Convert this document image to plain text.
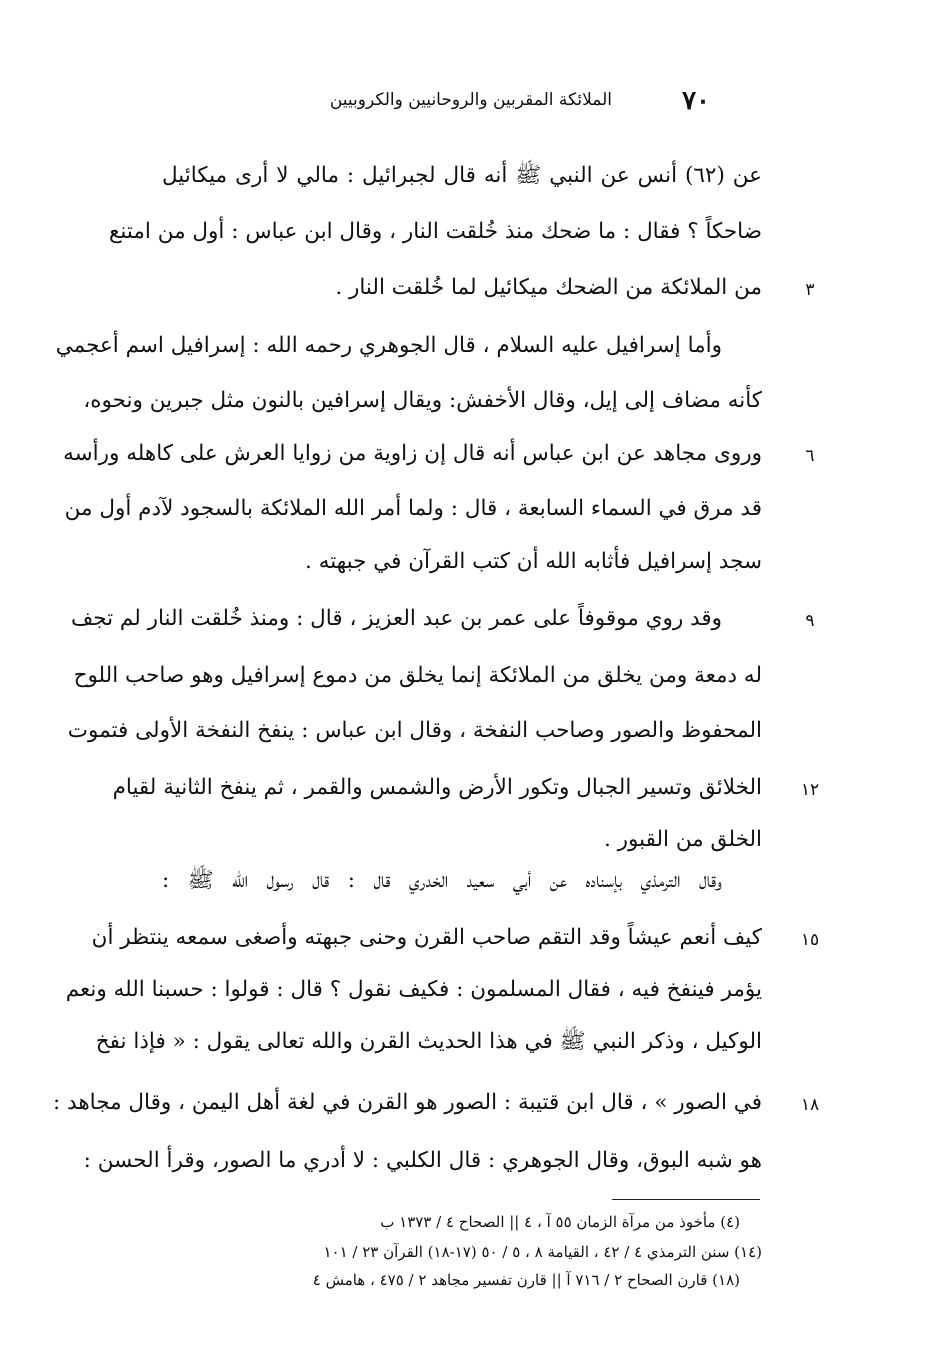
٧٠
الملائكة المقربين والروحانيين والكروبيين
عن (٦٢) أنس عن النبي ﷺ أنه قال لجبرائيل : مالي لا أرى ميكائيل
ضاحكاً ؟ فقال : ما ضحك منذ خُلقت النار ، وقال ابن عباس : أول من امتنع
من الملائكة من الضحك ميكائيل لما خُلقت النار .
وأما إسرافيل عليه السلام ، قال الجوهري رحمه الله : إسرافيل اسم أعجمي
كأنه مضاف إلى إيل، وقال الأخفش: ويقال إسرافين بالنون مثل جبرين ونحوه،
وروى مجاهد عن ابن عباس أنه قال إن زاوية من زوايا العرش على كاهله ورأسه
قد مرق في السماء السابعة ، قال : ولما أمر الله الملائكة بالسجود لآدم أول من
سجد إسرافيل فأثابه الله أن كتب القرآن في جبهته .
وقد روي موقوفاً على عمر بن عبد العزيز ، قال : ومنذ خُلقت النار لم تجف
له دمعة ومن يخلق من الملائكة إنما يخلق من دموع إسرافيل وهو صاحب اللوح
المحفوظ والصور وصاحب النفخة ، وقال ابن عباس : ينفخ النفخة الأولى فتموت
الخلائق وتسير الجبال وتكور الأرض والشمس والقمر ، ثم ينفخ الثانية لقيام
الخلق من القبور .
وقال الترمذي بإسناده عن أبي سعيد الخدري قال : قال رسول الله ﷺ :
كيف أنعم عيشاً وقد التقم صاحب القرن وحنى جبهته وأصغى سمعه ينتظر أن
يؤمر فينفخ فيه ، فقال المسلمون : فكيف نقول ؟ قال : قولوا : حسبنا الله ونعم
الوكيل ، وذكر النبي ﷺ في هذا الحديث القرن والله تعالى يقول : « فإذا نفخ
في الصور » ، قال ابن قتيبة : الصور هو القرن في لغة أهل اليمن ، وقال مجاهد :
هو شبه البوق، وقال الجوهري : قال الكلبي : لا أدري ما الصور، وقرأ الحسن :
٣
٦
٩
١٢
١٥
١٨
(٤) مأخوذ من مرآة الزمان ٥٥ آ ، ٤ || الصحاح ٤ / ١٣٧٣ ب
(١٤) سنن الترمذي ٤ / ٤٢ ، القيامة ٨ ، ٥ / ٥٠ (١٧-١٨) القرآن ٢٣ / ١٠١
(١٨) قارن الصحاح ٢ / ٧١٦ آ || قارن تفسير مجاهد ٢ / ٤٧٥ ، هامش ٤
